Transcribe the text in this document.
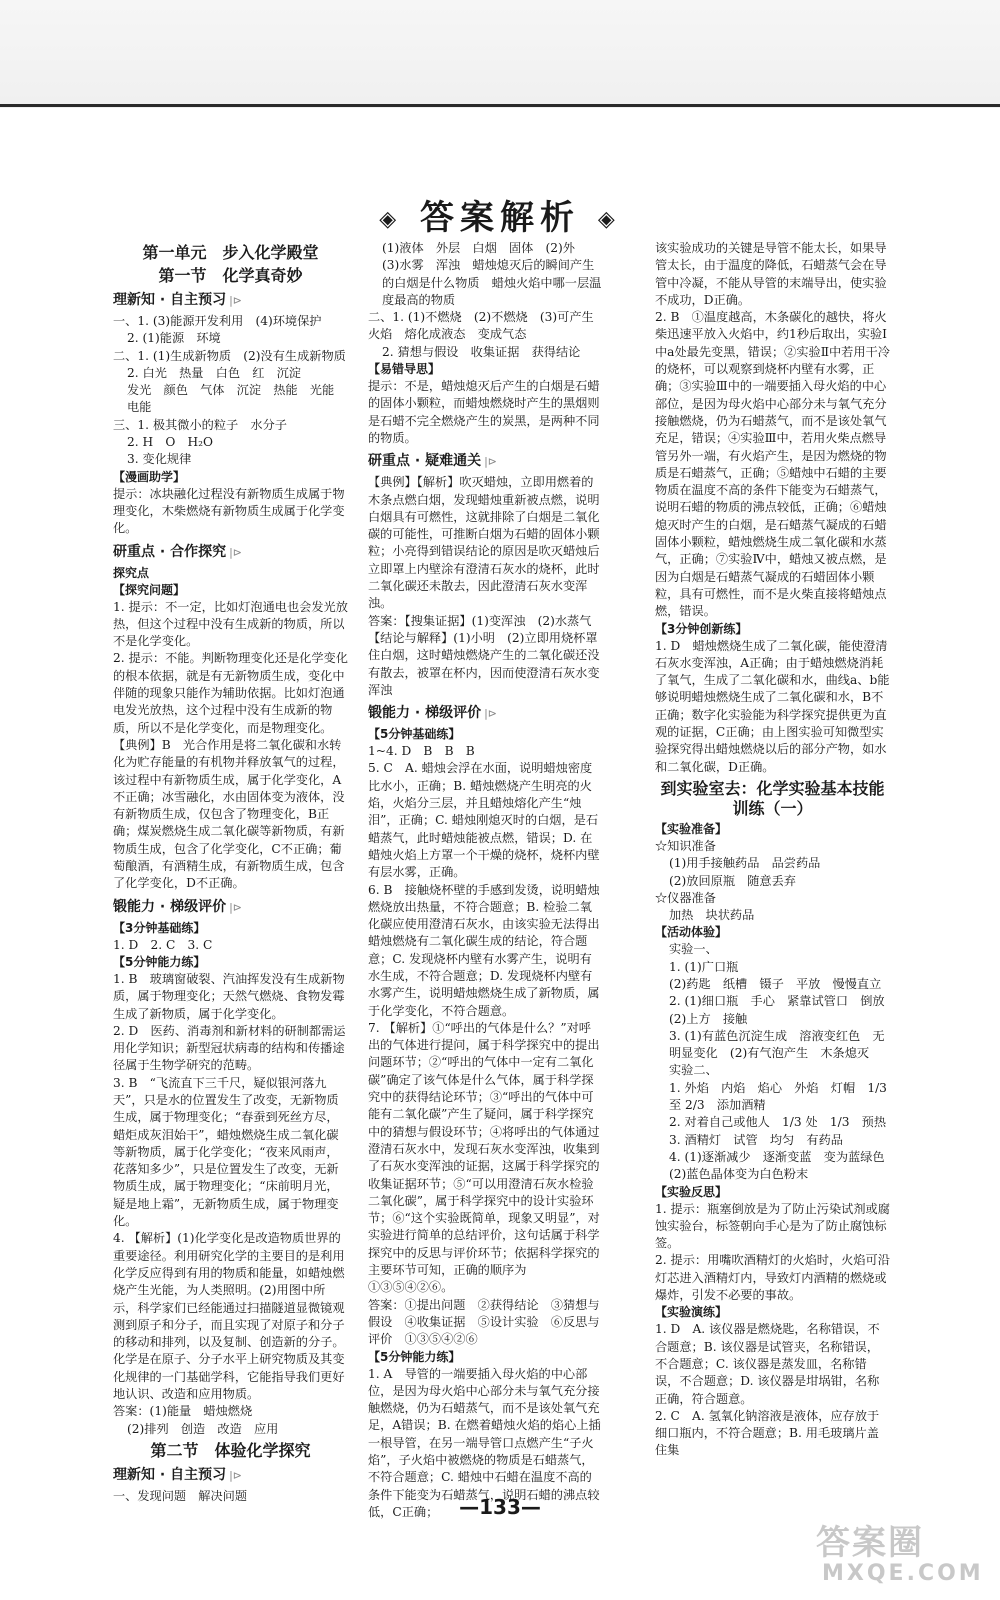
◈ 答案解析 ◈
第一单元　步入化学殿堂
第一节　化学真奇妙
理新知 · 自主预习 |⊳

一、1. (3)能源开发利用　(4)环境保护

2. (1)能源　环境

二、1. (1)生成新物质　(2)没有生成新物质

2. 白光　热量　白色　红　沉淀

发光　颜色　气体　沉淀　热能　光能

电能

三、1. 极其微小的粒子　水分子

2. H　O　H₂O

3. 变化规律

【漫画助学】

提示：冰块融化过程没有新物质生成属于物理变化，木柴燃烧有新物质生成属于化学变化。

研重点 · 合作探究 |⊳

探究点

【探究问题】

1. 提示：不一定，比如灯泡通电也会发光放热，但这个过程中没有生成新的物质，所以不是化学变化。

2. 提示：不能。判断物理变化还是化学变化的根本依据，就是有无新物质生成，变化中伴随的现象只能作为辅助依据。比如灯泡通电发光放热，这个过程中没有生成新的物质，所以不是化学变化，而是物理变化。

【典例】B　光合作用是将二氧化碳和水转化为贮存能量的有机物并释放氧气的过程，该过程中有新物质生成，属于化学变化，A不正确；冰雪融化，水由固体变为液体，没有新物质生成，仅包含了物理变化，B正确；煤炭燃烧生成二氧化碳等新物质，有新物质生成，包含了化学变化，C不正确；葡萄酿酒，有酒精生成，有新物质生成，包含了化学变化，D不正确。

锻能力 · 梯级评价 |⊳

【3分钟基础练】

1. D　2. C　3. C

【5分钟能力练】

1. B　玻璃窗破裂、汽油挥发没有生成新物质，属于物理变化；天然气燃烧、食物发霉生成了新物质，属于化学变化。

2. D　医药、消毒剂和新材料的研制都需运用化学知识；新型冠状病毒的结构和传播途径属于生物学研究的范畴。

3. B　“飞流直下三千尺，疑似银河落九天”，只是水的位置发生了改变，无新物质生成，属于物理变化；“春蚕到死丝方尽，蜡炬成灰泪始干”，蜡烛燃烧生成二氧化碳等新物质，属于化学变化；“夜来风雨声，花落知多少”，只是位置发生了改变，无新物质生成，属于物理变化；“床前明月光，疑是地上霜”，无新物质生成，属于物理变化。

4. 【解析】(1)化学变化是改造物质世界的重要途径。利用研究化学的主要目的是利用化学反应得到有用的物质和能量，如蜡烛燃烧产生光能，为人类照明。(2)用图中所示，科学家们已经能通过扫描隧道显微镜观测到原子和分子，而且实现了对原子和分子的移动和排列，以及复制、创造新的分子。化学是在原子、分子水平上研究物质及其变化规律的一门基础学科，它能指导我们更好地认识、改造和应用物质。

答案：(1)能量　蜡烛燃烧

(2)排列　创造　改造　应用

第二节　体验化学探究
理新知 · 自主预习 |⊳

一、发现问题　解决问题

(1)液体　外层　白烟　固体　(2)外

(3)水雾　浑浊　蜡烛熄灭后的瞬间产生的白烟是什么物质　蜡烛火焰中哪一层温度最高的物质

二、1. (1)不燃烧　(2)不燃烧　(3)可产生火焰　熔化成液态　变成气态

2. 猜想与假设　收集证据　获得结论

【易错导思】

提示：不是，蜡烛熄灭后产生的白烟是石蜡的固体小颗粒，而蜡烛燃烧时产生的黑烟则是石蜡不完全燃烧产生的炭黑，是两种不同的物质。

研重点 · 疑难通关 |⊳

【典例】【解析】吹灭蜡烛，立即用燃着的木条点燃白烟，发现蜡烛重新被点燃，说明白烟具有可燃性，这就排除了白烟是二氧化碳的可能性，可推断白烟为石蜡的固体小颗粒；小亮得到错误结论的原因是吹灭蜡烛后立即罩上内壁涂有澄清石灰水的烧杯，此时二氧化碳还未散去，因此澄清石灰水变浑浊。

答案：【搜集证据】(1)变浑浊　(2)水蒸气

【结论与解释】(1)小明　(2)立即用烧杯罩住白烟，这时蜡烛燃烧产生的二氧化碳还没有散去，被罩在杯内，因而使澄清石灰水变浑浊

锻能力 · 梯级评价 |⊳

【5分钟基础练】

1~4. D　B　B　B

5. C　A. 蜡烛会浮在水面，说明蜡烛密度比水小，正确；B. 蜡烛燃烧产生明亮的火焰，火焰分三层，并且蜡烛熔化产生“烛泪”，正确；C. 蜡烛刚熄灭时的白烟，是石蜡蒸气，此时蜡烛能被点燃，错误；D. 在蜡烛火焰上方罩一个干燥的烧杯，烧杯内壁有层水雾，正确。

6. B　接触烧杯壁的手感到发烫，说明蜡烛燃烧放出热量，不符合题意；B. 检验二氧化碳应使用澄清石灰水，由该实验无法得出蜡烛燃烧有二氧化碳生成的结论，符合题意；C. 发现烧杯内壁有水雾产生，说明有水生成，不符合题意；D. 发现烧杯内壁有水雾产生，说明蜡烛燃烧生成了新物质，属于化学变化，不符合题意。

7. 【解析】①“呼出的气体是什么？”对呼出的气体进行提问，属于科学探究中的提出问题环节；②“呼出的气体中一定有二氧化碳”确定了该气体是什么气体，属于科学探究中的获得结论环节；③“呼出的气体中可能有二氧化碳”产生了疑问，属于科学探究中的猜想与假设环节；④将呼出的气体通过澄清石灰水中，发现石灰水变浑浊，收集到了石灰水变浑浊的证据，这属于科学探究的收集证据环节；⑤“可以用澄清石灰水检验二氧化碳”，属于科学探究中的设计实验环节；⑥“这个实验既简单，现象又明显”，对实验进行简单的总结评价，这句话属于科学探究中的反思与评价环节；依据科学探究的主要环节可知，正确的顺序为①③⑤④②⑥。

答案：①提出问题　②获得结论　③猜想与假设　④收集证据　⑤设计实验　⑥反思与评价　①③⑤④②⑥

【5分钟能力练】

1. A　导管的一端要插入母火焰的中心部位，是因为母火焰中心部分未与氧气充分接触燃烧，仍为石蜡蒸气，而不是该处氧气充足，A错误；B. 在燃着蜡烛火焰的焰心上插一根导管，在另一端导管口点燃产生“子火焰”，子火焰中被燃烧的物质是石蜡蒸气，不符合题意；C. 蜡烛中石蜡在温度不高的条件下能变为石蜡蒸气，说明石蜡的沸点较低，C正确；

该实验成功的关键是导管不能太长，如果导管太长，由于温度的降低，石蜡蒸气会在导管中冷凝，不能从导管的末端导出，使实验不成功，D正确。

2. B　①温度越高，木条碳化的越快，将火柴迅速平放入火焰中，约1秒后取出，实验Ⅰ中a处最先变黑，错误；②实验Ⅱ中若用干冷的烧杯，可以观察到烧杯内壁有水雾，正确；③实验Ⅲ中的一端要插入母火焰的中心部位，是因为母火焰中心部分未与氧气充分接触燃烧，仍为石蜡蒸气，而不是该处氧气充足，错误；④实验Ⅲ中，若用火柴点燃导管另外一端，有火焰产生，是因为燃烧的物质是石蜡蒸气，正确；⑤蜡烛中石蜡的主要物质在温度不高的条件下能变为石蜡蒸气，说明石蜡的物质的沸点较低，正确；⑥蜡烛熄灭时产生的白烟，是石蜡蒸气凝成的石蜡固体小颗粒，蜡烛燃烧生成二氧化碳和水蒸气，正确；⑦实验Ⅳ中，蜡烛又被点燃，是因为白烟是石蜡蒸气凝成的石蜡固体小颗粒，具有可燃性，而不是火柴直接将蜡烛点燃，错误。

【3分钟创新练】

1. D　蜡烛燃烧生成了二氧化碳，能使澄清石灰水变浑浊，A正确；由于蜡烛燃烧消耗了氧气，生成了二氧化碳和水，曲线a、b能够说明蜡烛燃烧生成了二氧化碳和水，B不正确；数字化实验能为科学探究提供更为直观的证据，C正确；由上图实验可知微型实验探究得出蜡烛燃烧以后的部分产物，如水和二氧化碳，D正确。

到实验室去：化学实验基本技能训练（一）

【实验准备】

☆知识准备

(1)用手接触药品　品尝药品

(2)放回原瓶　随意丢弃

☆仪器准备

加热　块状药品

【活动体验】

实验一、

1. (1)广口瓶

(2)药匙　纸槽　镊子　平放　慢慢直立

2. (1)细口瓶　手心　紧靠试管口　倒放

(2)上方　接触

3. (1)有蓝色沉淀生成　溶液变红色　无明显变化　(2)有气泡产生　木条熄灭

实验二、

1. 外焰　内焰　焰心　外焰　灯帽　1/3 至 2/3　添加酒精

2. 对着自己或他人　1/3 处　1/3　预热

3. 酒精灯　试管　均匀　有药品

4. (1)逐渐减少　逐渐变蓝　变为蓝绿色

(2)蓝色晶体变为白色粉末

【实验反思】

1. 提示：瓶塞倒放是为了防止污染试剂或腐蚀实验台，标签朝向手心是为了防止腐蚀标签。

2. 提示：用嘴吹酒精灯的火焰时，火焰可沿灯芯进入酒精灯内，导致灯内酒精的燃烧或爆炸，引发不必要的事故。

【实验演练】

1. D　A. 该仪器是燃烧匙，名称错误，不合题意；B. 该仪器是试管夹，名称错误，不合题意；C. 该仪器是蒸发皿，名称错误，不合题意；D. 该仪器是坩埚钳，名称正确，符合题意。

2. C　A. 氢氧化钠溶液是液体，应存放于细口瓶内，不符合题意；B. 用毛玻璃片盖住集

—133—
答案圈
MXQE.COM
